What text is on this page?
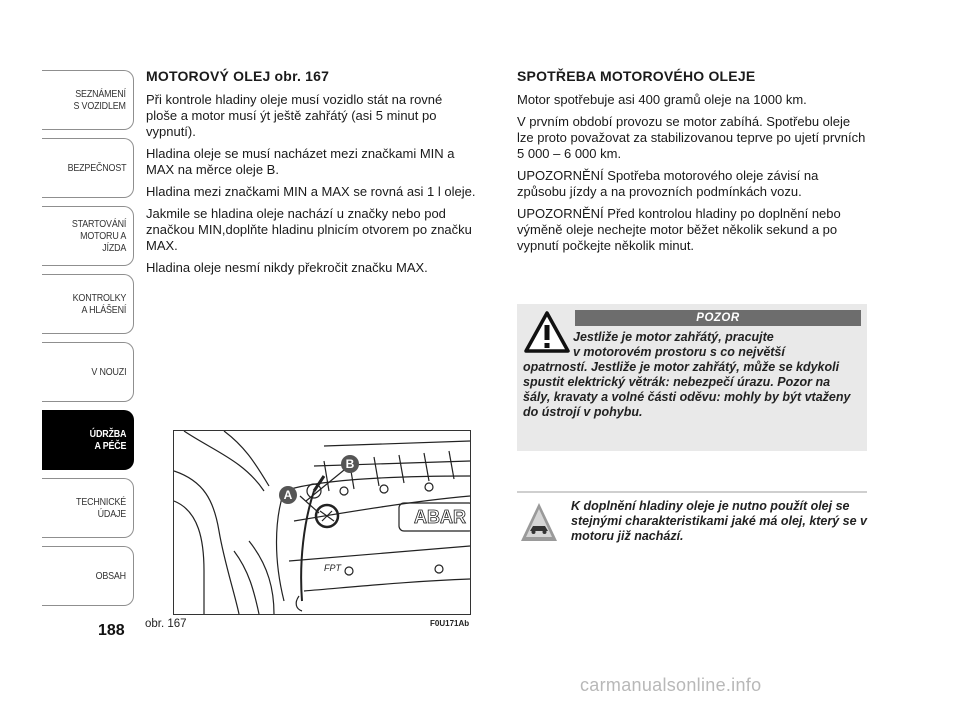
SEZNÁMENÍ
S VOZIDLEM
BEZPEČNOST
STARTOVÁNÍ
MOTORU A JÍZDA
KONTROLKY
A HLÁŠENÍ
V NOUZI
ÚDRŽBA
A PÉČE
TECHNICKÉ
ÚDAJE
OBSAH
188
MOTOROVÝ OLEJ obr. 167

Při kontrole hladiny oleje musí vozidlo stát na rovné ploše a motor musí ýt ještě zahřátý (asi 5 minut po vypnutí).

Hladina oleje se musí nacházet mezi značkami MIN a MAX na měrce oleje B.

Hladina mezi značkami MIN a MAX se rovná asi 1 l oleje.

Jakmile se hladina oleje nachází u značky nebo pod značkou MIN,doplňte hladinu plnicím otvorem po značku MAX.

Hladina oleje nesmí nikdy překročit značku MAX.

SPOTŘEBA MOTOROVÉHO OLEJE

Motor spotřebuje asi 400 gramů oleje na 1000 km.

V prvním období provozu se motor zabíhá. Spotřebu oleje lze proto považovat za stabilizovanou teprve po ujetí prvních 5 000 – 6 000 km.

UPOZORNĚNÍ Spotřeba motorového oleje závisí na způsobu jízdy a na provozních podmínkách vozu.

UPOZORNĚNÍ Před kontrolou hladiny po doplnění nebo výměně oleje nechejte motor běžet několik sekund a po vypnutí počkejte několik minut.

POZOR
Jestliže je motor zahřátý, pracujte
v motorovém prostoru s co největší
opatrností. Jestliže je motor zahřátý, může se kdykoli spustit elektrický větrák: nebezpečí úrazu. Pozor na šály, kravaty a volné části oděvu: mohly by být vtaženy do ústrojí v pohybu.
K doplnění hladiny oleje je nutno použít olej se stejnými charakteristikami jaké má olej, který se v motoru již nachází.
ABAR
FPT
B
A
obr. 167	F0U171Ab
carmanualsonline.info
